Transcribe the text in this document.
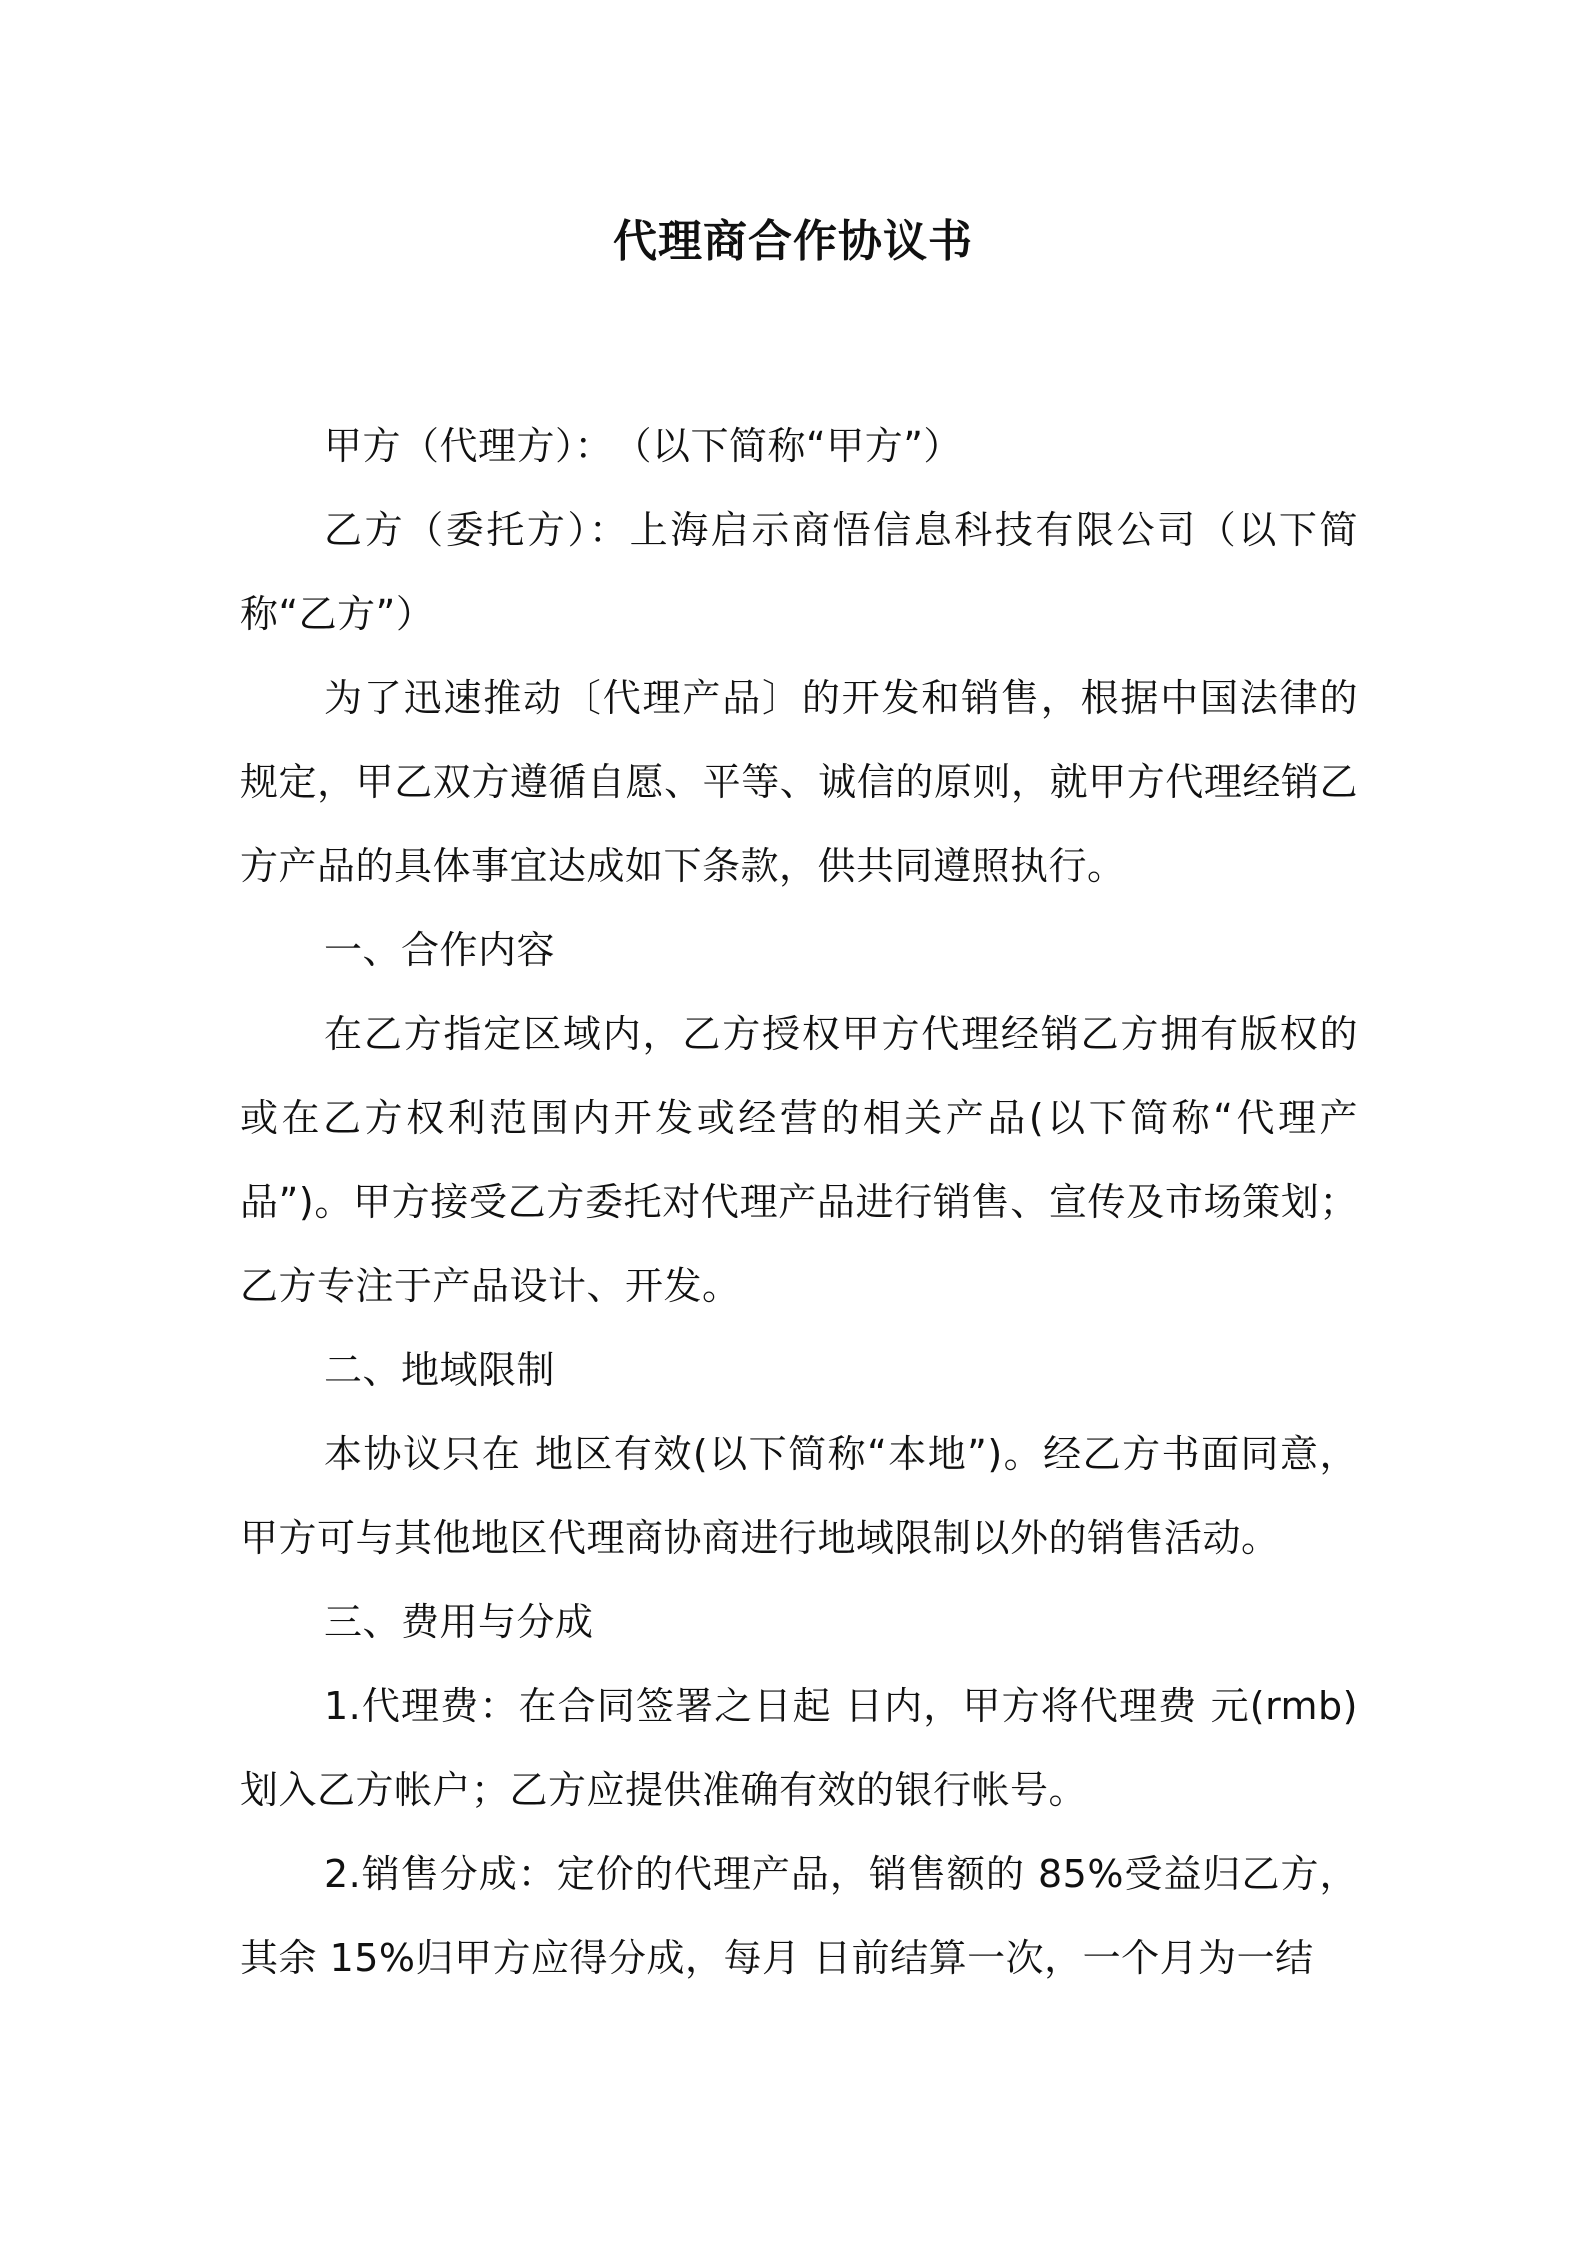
代理商合作协议书

甲方（代理方）：　（以下简称“甲方”）

乙方（委托方）：上海启示商悟信息科技有限公司（以下简称“乙方”）

为了迅速推动〔代理产品〕的开发和销售，根据中国法律的规定，甲乙双方遵循自愿、平等、诚信的原则，就甲方代理经销乙方产品的具体事宜达成如下条款，供共同遵照执行。

一、合作内容

在乙方指定区域内，乙方授权甲方代理经销乙方拥有版权的或在乙方权利范围内开发或经营的相关产品(以下简称“代理产品”)。甲方接受乙方委托对代理产品进行销售、宣传及市场策划；乙方专注于产品设计、开发。

二、地域限制

本协议只在 地区有效(以下简称“本地”)。经乙方书面同意，甲方可与其他地区代理商协商进行地域限制以外的销售活动。

三、费用与分成

1.代理费：在合同签署之日起 日内，甲方将代理费 元(rmb)划入乙方帐户；乙方应提供准确有效的银行帐号。

2.销售分成：定价的代理产品，销售额的 85%受益归乙方，其余 15%归甲方应得分成，每月 日前结算一次，一个月为一结
